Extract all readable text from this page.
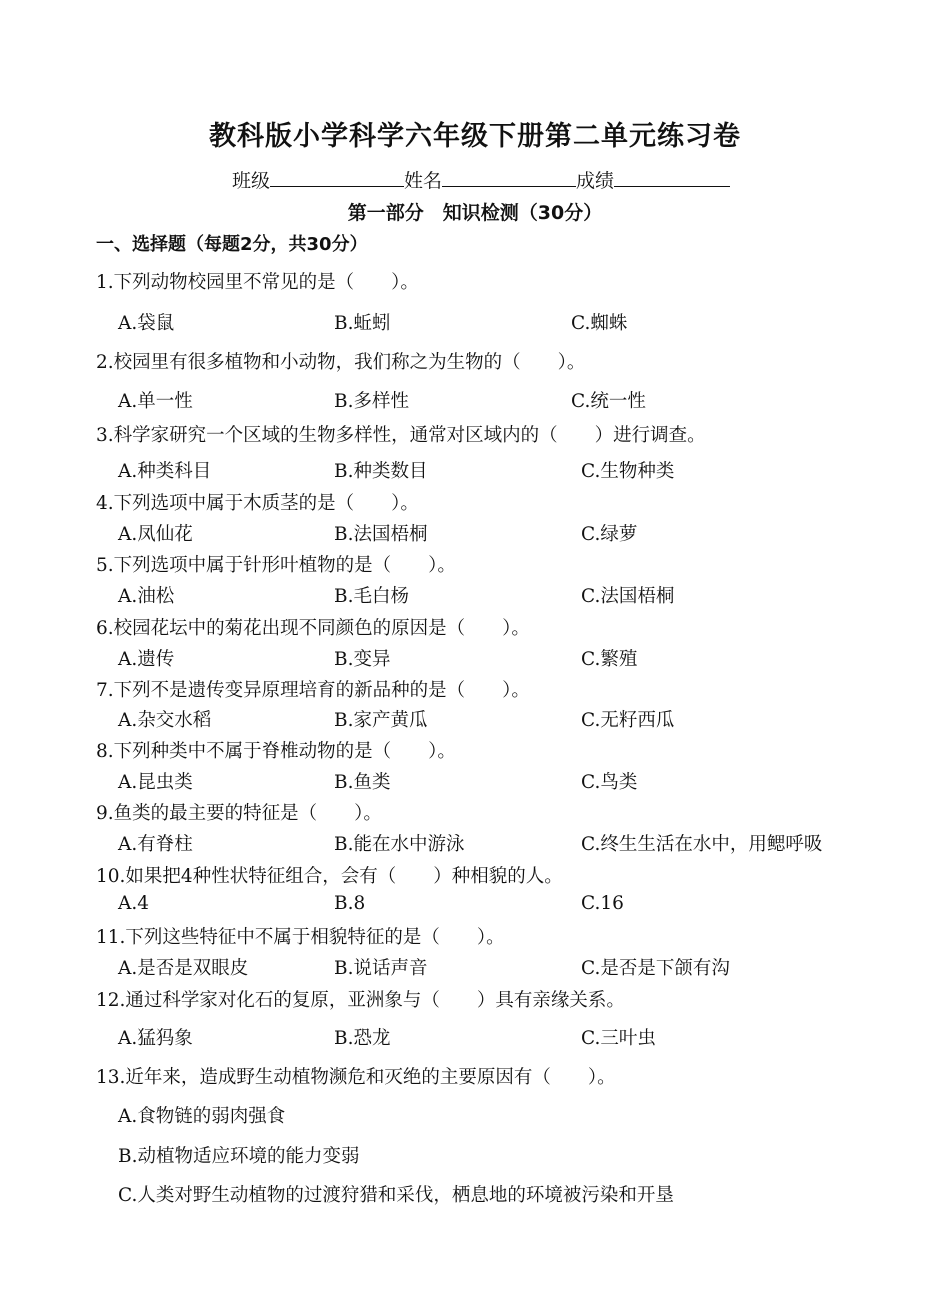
教科版小学科学六年级下册第二单元练习卷
班级	姓名	成绩
第一部分　知识检测（30分）
一、选择题（每题2分，共30分）
1.下列动物校园里不常见的是（　　）。
A.袋鼠	B.蚯蚓	C.蜘蛛
2.校园里有很多植物和小动物，我们称之为生物的（　　）。
A.单一性	B.多样性	C.统一性
3.科学家研究一个区域的生物多样性，通常对区域内的（　　）进行调查。
A.种类科目	B.种类数目	C.生物种类
4.下列选项中属于木质茎的是（　　）。
A.凤仙花	B.法国梧桐	C.绿萝
5.下列选项中属于针形叶植物的是（　　）。
A.油松	B.毛白杨	C.法国梧桐
6.校园花坛中的菊花出现不同颜色的原因是（　　）。
A.遗传	B.变异	C.繁殖
7.下列不是遗传变异原理培育的新品种的是（　　）。
A.杂交水稻	B.家产黄瓜	C.无籽西瓜
8.下列种类中不属于脊椎动物的是（　　）。
A.昆虫类	B.鱼类	C.鸟类
9.鱼类的最主要的特征是（　　）。
A.有脊柱	B.能在水中游泳	C.终生生活在水中，用鳃呼吸
10.如果把4种性状特征组合，会有（　　）种相貌的人。
A.4	B.8	C.16
11.下列这些特征中不属于相貌特征的是（　　）。
A.是否是双眼皮	B.说话声音	C.是否是下颌有沟
12.通过科学家对化石的复原，亚洲象与（　　）具有亲缘关系。
A.猛犸象	B.恐龙	C.三叶虫
13.近年来，造成野生动植物濒危和灭绝的主要原因有（　　）。
A.食物链的弱肉强食
B.动植物适应环境的能力变弱
C.人类对野生动植物的过渡狩猎和采伐，栖息地的环境被污染和开垦
